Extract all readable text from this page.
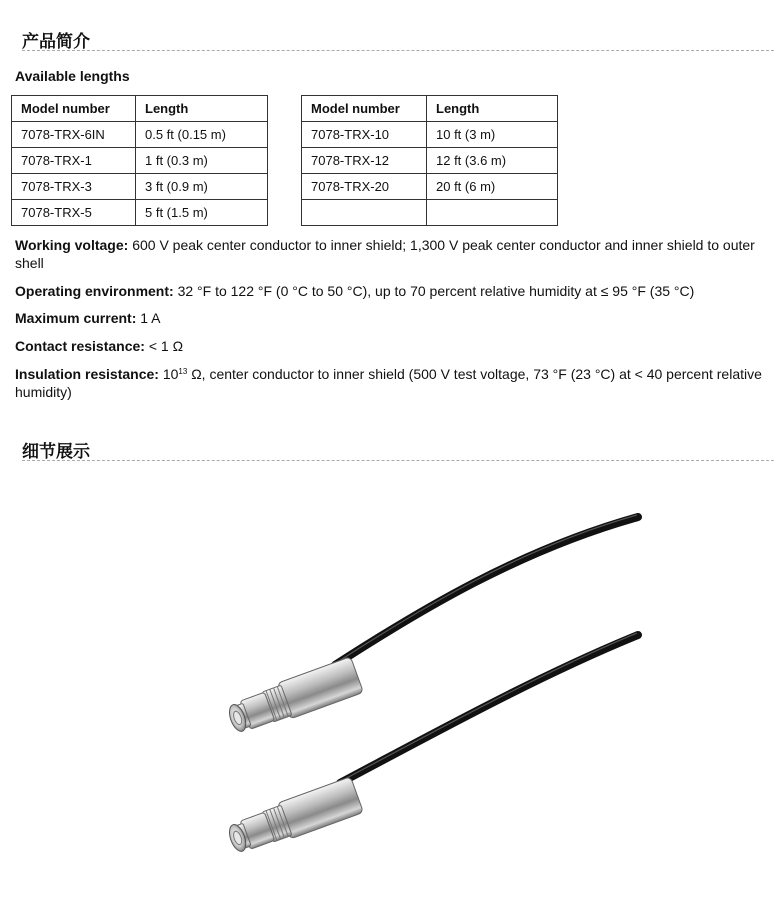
产品简介
Available lengths
Model number	Length
7078-TRX-6IN	0.5 ft (0.15 m)
7078-TRX-1	1 ft (0.3 m)
7078-TRX-3	3 ft (0.9 m)
7078-TRX-5	5 ft (1.5 m)
Model number	Length
7078-TRX-10	10 ft (3 m)
7078-TRX-12	12 ft (3.6 m)
7078-TRX-20	20 ft (6 m)

Working voltage: 600 V peak center conductor to inner shield; 1,300 V peak center conductor and inner shield to outer shell
Operating environment: 32 °F to 122 °F (0 °C to 50 °C), up to 70 percent relative humidity at ≤ 95 °F (35 °C)
Maximum current: 1 A
Contact resistance: < 1 Ω
Insulation resistance: $10^{13}$ Ω, center conductor to inner shield (500 V test voltage, 73 °F (23 °C) at < 40 percent relative humidity)
细节展示
